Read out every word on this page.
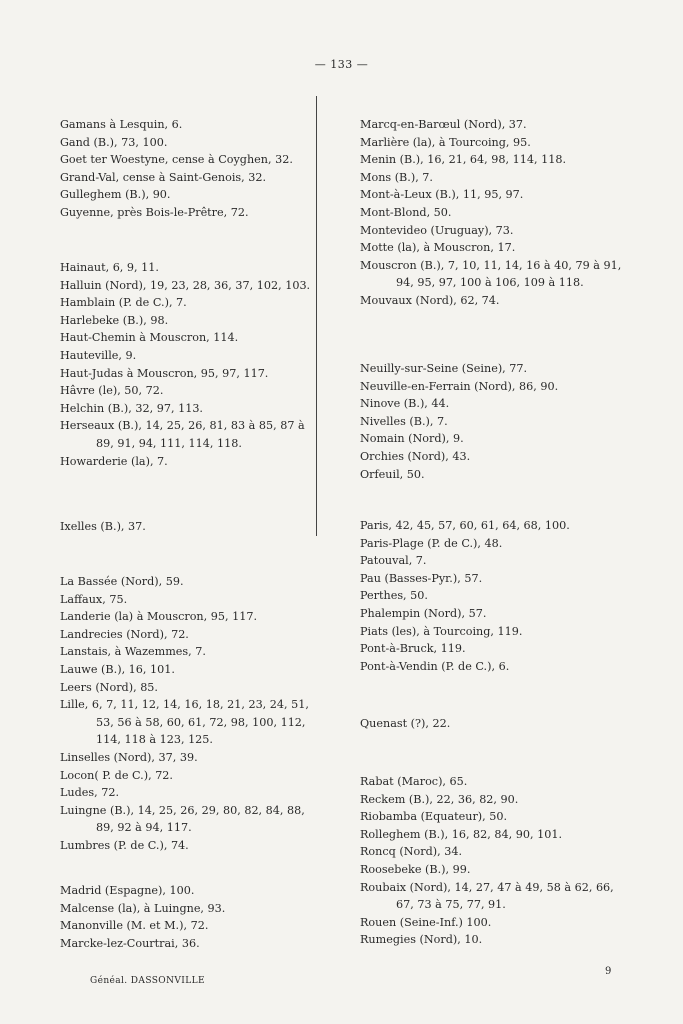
— 133 —
Gamans à Lesquin, 6.
Gand (B.), 73, 100.
Goet ter Woestyne, cense à Coyghen, 32.
Grand-Val, cense à Saint-Genois, 32.
Gulleghem (B.), 90.
Guyenne, près Bois-le-Prêtre, 72.
Hainaut, 6, 9, 11.
Halluin (Nord), 19, 23, 28, 36, 37, 102, 103.
Hamblain (P. de C.), 7.
Harlebeke (B.), 98.
Haut-Chemin à Mouscron, 114.
Hauteville, 9.
Haut-Judas à Mouscron, 95, 97, 117.
Hâvre (le), 50, 72.
Helchin (B.), 32, 97, 113.
Herseaux (B.), 14, 25, 26, 81, 83 à 85, 87 à 89, 91, 94, 111, 114, 118.
Howarderie (la), 7.
Ixelles (B.), 37.
La Bassée (Nord), 59.
Laffaux, 75.
Landerie (la) à Mouscron, 95, 117.
Landrecies (Nord), 72.
Lanstais, à Wazemmes, 7.
Lauwe (B.), 16, 101.
Leers (Nord), 85.
Lille, 6, 7, 11, 12, 14, 16, 18, 21, 23, 24, 51, 53, 56 à 58, 60, 61, 72, 98, 100, 112, 114, 118 à 123, 125.
Linselles (Nord), 37, 39.
Locon( P. de C.), 72.
Ludes, 72.
Luingne (B.), 14, 25, 26, 29, 80, 82, 84, 88, 89, 92 à 94, 117.
Lumbres (P. de C.), 74.
Madrid (Espagne), 100.
Malcense (la), à Luingne, 93.
Manonville (M. et M.), 72.
Marcke-lez-Courtrai, 36.
Marcq-en-Barœul (Nord), 37.
Marlière (la), à Tourcoing, 95.
Menin (B.), 16, 21, 64, 98, 114, 118.
Mons (B.), 7.
Mont-à-Leux (B.), 11, 95, 97.
Mont-Blond, 50.
Montevideo (Uruguay), 73.
Motte (la), à Mouscron, 17.
Mouscron (B.), 7, 10, 11, 14, 16 à 40, 79 à 91, 94, 95, 97, 100 à 106, 109 à 118.
Mouvaux (Nord), 62, 74.
Neuilly-sur-Seine (Seine), 77.
Neuville-en-Ferrain (Nord), 86, 90.
Ninove (B.), 44.
Nivelles (B.), 7.
Nomain (Nord), 9.
Orchies (Nord), 43.
Orfeuil, 50.
Paris, 42, 45, 57, 60, 61, 64, 68, 100.
Paris-Plage (P. de C.), 48.
Patouval, 7.
Pau (Basses-Pyr.), 57.
Perthes, 50.
Phalempin (Nord), 57.
Piats (les), à Tourcoing, 119.
Pont-à-Bruck, 119.
Pont-à-Vendin (P. de C.), 6.
Quenast (?), 22.
Rabat (Maroc), 65.
Reckem (B.), 22, 36, 82, 90.
Riobamba (Equateur), 50.
Rolleghem (B.), 16, 82, 84, 90, 101.
Roncq (Nord), 34.
Roosebeke (B.), 99.
Roubaix (Nord), 14, 27, 47 à 49, 58 à 62, 66, 67, 73 à 75, 77, 91.
Rouen (Seine-Inf.) 100.
Rumegies (Nord), 10.
Généal. DASSONVILLE
9
